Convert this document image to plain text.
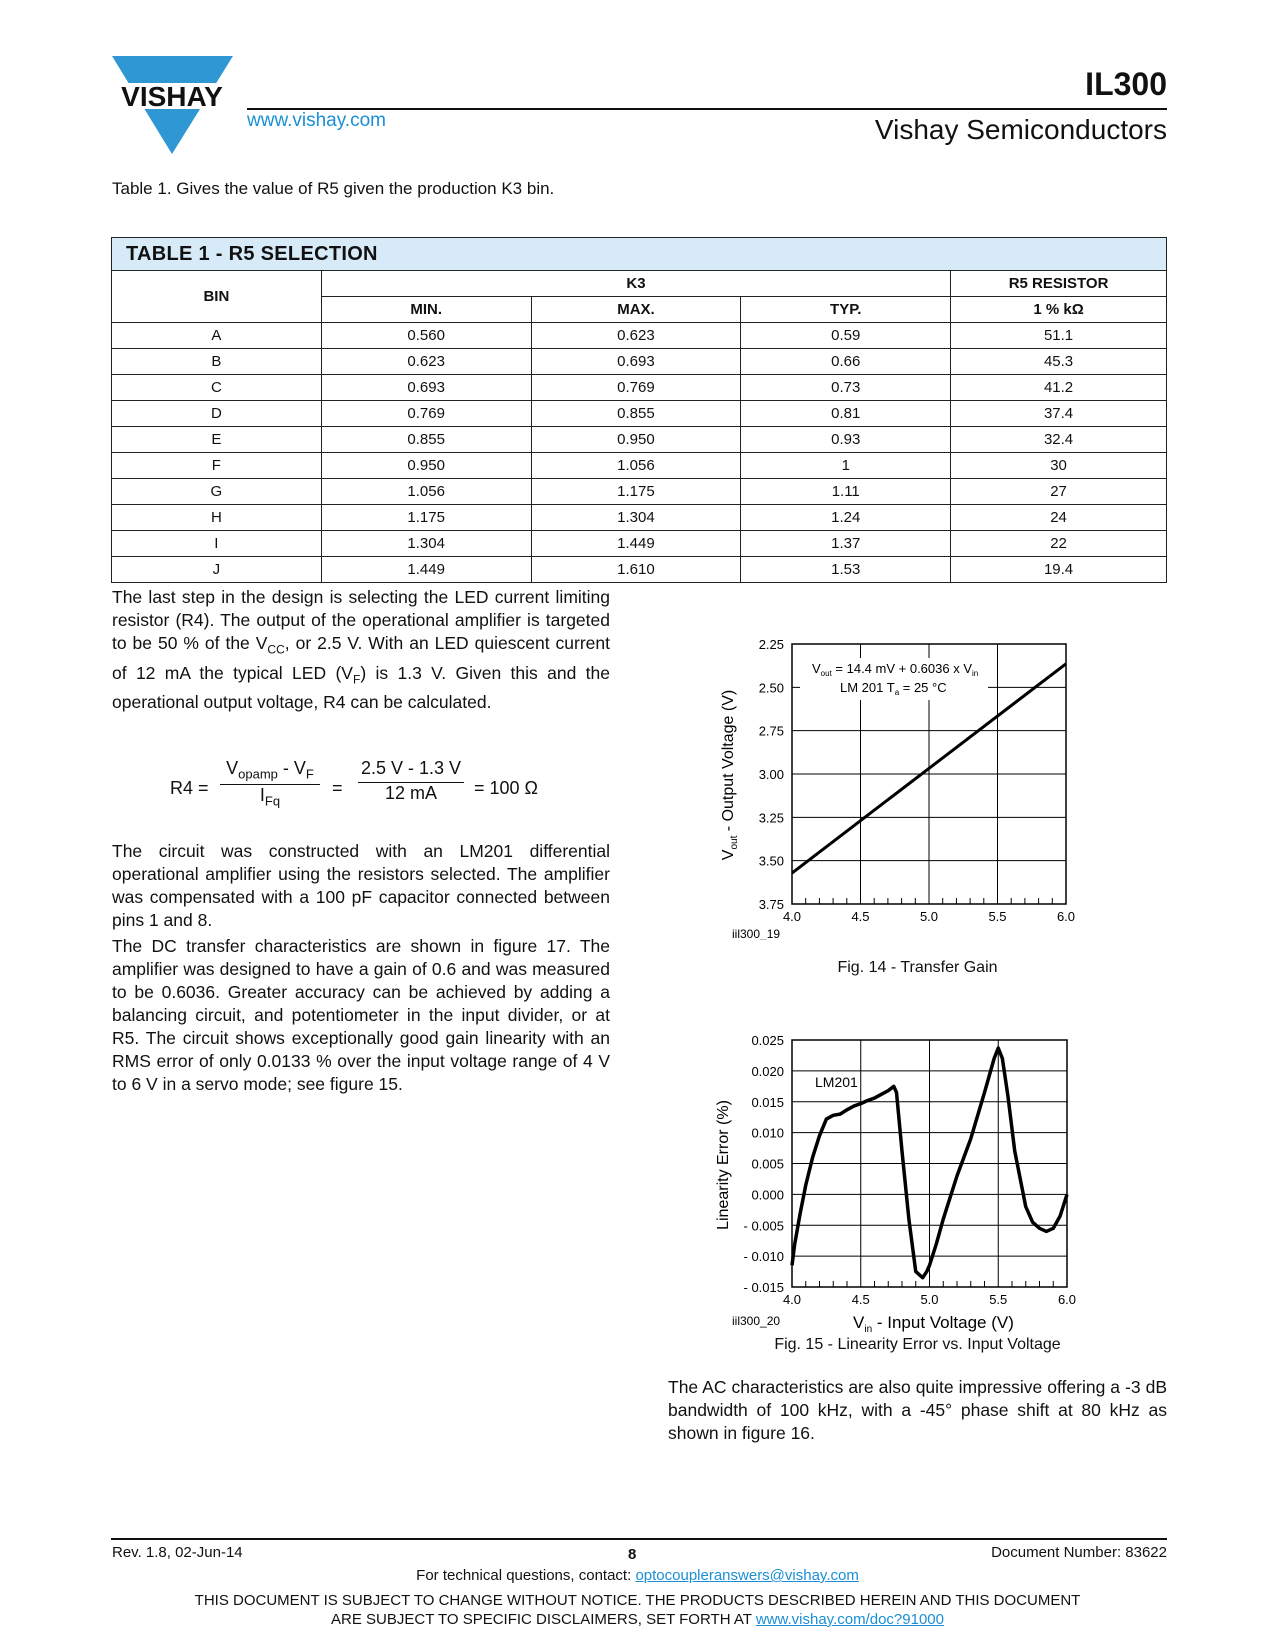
VISHAY
www.vishay.com
IL300
Vishay Semiconductors
Table 1. Gives the value of R5 given the production K3 bin.
TABLE 1 - R5 SELECTION				
BIN	K3			R5 RESISTOR
	MIN.	MAX.	TYP.	1 % kΩ
A	0.560	0.623	0.59	51.1
B	0.623	0.693	0.66	45.3
C	0.693	0.769	0.73	41.2
D	0.769	0.855	0.81	37.4
E	0.855	0.950	0.93	32.4
F	0.950	1.056	1	30
G	1.056	1.175	1.11	27
H	1.175	1.304	1.24	24
I	1.304	1.449	1.37	22
J	1.449	1.610	1.53	19.4

The last step in the design is selecting the LED current limiting resistor (R4). The output of the operational amplifier is targeted to be 50 % of the $V_{CC}$, or 2.5 V. With an LED quiescent current of 12 mA the typical LED $(V_F)$ is 1.3 V. Given this and the operational output voltage, R4 can be calculated.

R4 =
$V_{opamp} - V_F$
$I_{Fq}$
=
2.5 V - 1.3 V
12 mA	= 100 Ω

The circuit was constructed with an LM201 differential operational amplifier using the resistors selected. The amplifier was compensated with a 100 pF capacitor connected between pins 1 and 8.

The DC transfer characteristics are shown in figure 17. The amplifier was designed to have a gain of 0.6 and was measured to be 0.6036. Greater accuracy can be achieved by adding a balancing circuit, and potentiometer in the input divider, or at R5. The circuit shows exceptionally good gain linearity with an RMS error of only 0.0133 % over the input voltage range of 4 V to 6 V in a servo mode; see figure 15.

2.25
2.50
2.75
3.00
3.25
3.50
3.75
4.0	4.5	5.0	5.5	6.0
$V_{out} = 14.4$ mV + 0.6036 x $V_{in}$
LM 201 $T_a = 25$ °C
$V_{out}$ - Output Voltage (V)
iil300_19
Fig. 14 - Transfer Gain
0.025
0.020
0.015
0.010
0.005
0.000
- 0.005
- 0.010
- 0.015
4.0	4.5	5.0	5.5	6.0
LM201
Linearity Error (%)
$V_{in}$ - Input Voltage (V)
iil300_20
Fig. 15 - Linearity Error vs. Input Voltage

The AC characteristics are also quite impressive offering a -3 dB bandwidth of 100 kHz, with a -45° phase shift at 80 kHz as shown in figure 16.

Rev. 1.8, 02-Jun-14	8	Document Number: 83622
For technical questions, contact: optocoupleranswers@vishay.com
THIS DOCUMENT IS SUBJECT TO CHANGE WITHOUT NOTICE. THE PRODUCTS DESCRIBED HEREIN AND THIS DOCUMENT
ARE SUBJECT TO SPECIFIC DISCLAIMERS, SET FORTH AT www.vishay.com/doc?91000
